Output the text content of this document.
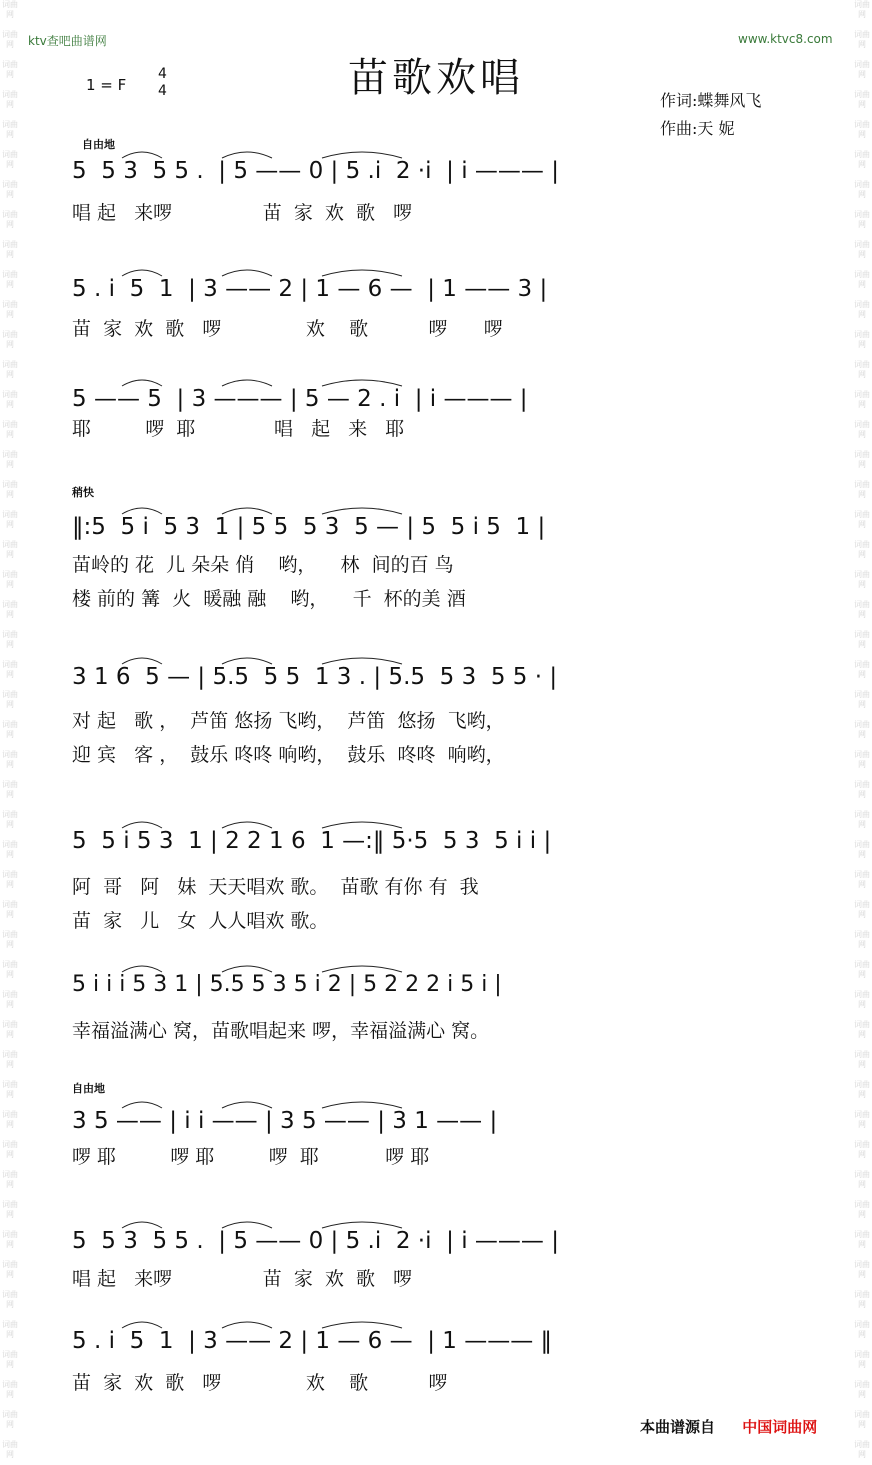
词曲网
词曲网
词曲网
词曲网
词曲网
词曲网
词曲网
词曲网
词曲网
词曲网
词曲网
词曲网
词曲网
词曲网
词曲网
词曲网
词曲网
词曲网
词曲网
词曲网
词曲网
词曲网
词曲网
词曲网
词曲网
词曲网
词曲网
词曲网
词曲网
词曲网
词曲网
词曲网
词曲网
词曲网
词曲网
词曲网
词曲网
词曲网
词曲网
词曲网
词曲网
词曲网
词曲网
词曲网
词曲网
词曲网
词曲网
词曲网
词曲网
词曲网
词曲网
词曲网
词曲网
词曲网
词曲网
词曲网
词曲网
词曲网
词曲网
词曲网
词曲网
词曲网
词曲网
词曲网
词曲网
词曲网
词曲网
词曲网
词曲网
词曲网
词曲网
词曲网
词曲网
词曲网
词曲网
词曲网
词曲网
词曲网
词曲网
词曲网
词曲网
词曲网
词曲网
词曲网
词曲网
词曲网
词曲网
词曲网
词曲网
词曲网
词曲网
词曲网
词曲网
词曲网
词曲网
词曲网
词曲网
词曲网
ktv查吧曲谱网	www.ktvc8.com
苗歌欢唱
1 = F
4
4	作词:蝶舞风飞
作曲:天 妮
自由地
稍快
自由地
5  5 3  5 5 .  | 5 —— 0 | 5 .i  2 ·i  | i ——— |
唱 起   来啰               苗  家  欢  歌   啰
5 . i  5  1  | 3 —— 2 | 1 — 6 —  | 1 —— 3 |
苗  家  欢  歌   啰              欢    歌          啰      啰
5 —— 5  | 3 ——— | 5 — 2 . i  | i ——— |
耶         啰  耶             唱   起   来   耶
‖:5  5 i  5 3  1 | 5 5  5 3  5 — | 5  5 i 5  1 |
苗岭的 花  儿 朵朵 俏    哟，    林  间的百 鸟
楼 前的 篝  火  暖融 融    哟，    千  杯的美 酒
3 1 6  5 — | 5.5  5 5  1 3 . | 5.5  5 3  5 5 · |
对 起   歌 ，  芦笛 悠扬 飞哟，  芦笛  悠扬  飞哟，
迎 宾   客 ，  鼓乐 咚咚 响哟，  鼓乐  咚咚  响哟，
5  5 i 5 3  1 | 2 2 1 6  1 —:‖ 5·5  5 3  5 i i |
阿  哥   阿   妹  天天唱欢 歌。  苗歌 有你 有  我
苗  家   儿   女  人人唱欢 歌。
5 i i i 5 3 1 | 5.5 5 3 5 i 2 | 5 2 2 2 i 5 i |
幸福溢满心 窝，苗歌唱起来 啰，幸福溢满心 窝。
3 5 —— | i i —— | 3 5 —— | 3 1 —— |
啰 耶         啰 耶         啰  耶           啰 耶
5  5 3  5 5 .  | 5 —— 0 | 5 .i  2 ·i  | i ——— |
唱 起   来啰               苗  家  欢  歌   啰
5 . i  5  1  | 3 —— 2 | 1 — 6 —  | 1 ——— ‖
苗  家  欢  歌   啰              欢    歌          啰
本曲谱源自 中国词曲网
